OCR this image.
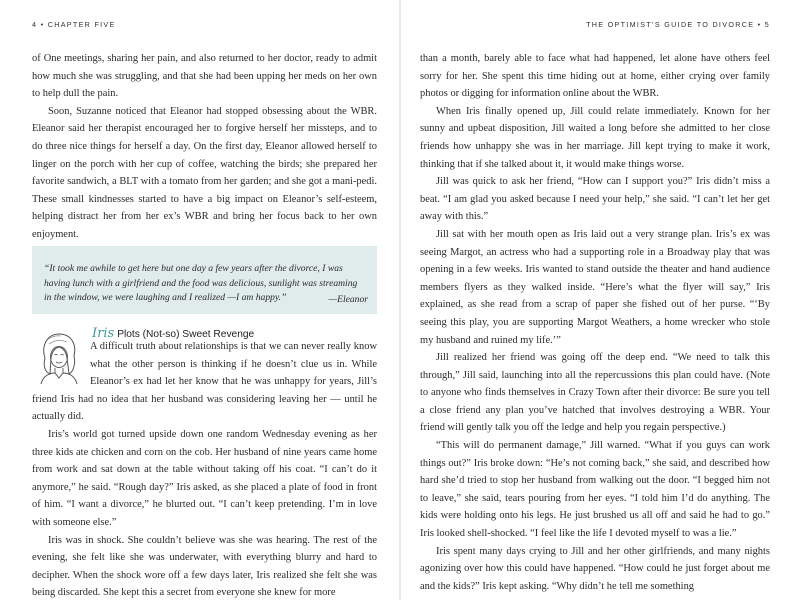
4 • CHAPTER FIVE

of One meetings, sharing her pain, and also returned to her doctor, ready to admit how much she was struggling, and that she had been upping her meds on her own to help dull the pain.

Soon, Suzanne noticed that Eleanor had stopped obsessing about the WBR. Eleanor said her therapist encouraged her to forgive herself her missteps, and to do three nice things for herself a day. On the first day, Eleanor allowed herself to linger on the porch with her cup of coffee, watching the birds; she prepared her favorite sandwich, a BLT with a tomato from her garden; and she got a mani-pedi. These small kindnesses started to have a big impact on Eleanor’s self-esteem, helping distract her from her ex’s WBR and bring her focus back to her own enjoyment.

“It took me awhile to get here but one day a few years after the divorce, I was having lunch with a girlfriend and the food was delicious, sunlight was streaming in the window, we were laughing and I realized —I am happy.”	—Eleanor
Iris Plots (Not-so) Sweet Revenge

A difficult truth about relationships is that we can never really know what the other person is thinking if he doesn’t clue us in. While Eleanor’s ex had let her know that he was unhappy for years, Jill’s friend Iris had no idea that her husband was considering leaving her — until he actually did.

Iris’s world got turned upside down one random Wednesday evening as her three kids ate chicken and corn on the cob. Her husband of nine years came home from work and sat down at the table without taking off his coat. “I can’t do it anymore,” he said. “Rough day?” Iris asked, as she placed a plate of food in front of him. “I want a divorce,” he blurted out. “I can’t keep pretending. I’m in love with someone else.”

Iris was in shock. She couldn’t believe was she was hearing. The rest of the evening, she felt like she was underwater, with everything blurry and hard to decipher. When the shock wore off a few days later, Iris realized she felt she was being discarded. She kept this a secret from everyone she knew for more

THE OPTIMIST’S GUIDE TO DIVORCE • 5

than a month, barely able to face what had happened, let alone have others feel sorry for her. She spent this time hiding out at home, either crying over family photos or digging for information online about the WBR.

When Iris finally opened up, Jill could relate immediately. Known for her sunny and upbeat disposition, Jill waited a long before she admitted to her close friends how unhappy she was in her marriage. Jill kept trying to make it work, thinking that if she talked about it, it would make things worse.

Jill was quick to ask her friend, “How can I support you?” Iris didn’t miss a beat. “I am glad you asked because I need your help,” she said. “I can’t let her get away with this.”

Jill sat with her mouth open as Iris laid out a very strange plan. Iris’s ex was seeing Margot, an actress who had a supporting role in a Broadway play that was opening in a few weeks. Iris wanted to stand outside the theater and hand audience members flyers as they walked inside. “Here’s what the flyer will say,” Iris explained, as she read from a scrap of paper she fished out of her purse. “‘By seeing this play, you are supporting Margot Weathers, a home wrecker who stole my husband and ruined my life.’”

Jill realized her friend was going off the deep end. “We need to talk this through,” Jill said, launching into all the repercussions this plan could have. (Note to anyone who finds themselves in Crazy Town after their divorce: Be sure you tell a close friend any plan you’ve hatched that involves destroying a WBR. Your friend will gently talk you off the ledge and help you regain perspective.)

“This will do permanent damage,” Jill warned. “What if you guys can work things out?” Iris broke down: “He’s not coming back,” she said, and described how hard she’d tried to stop her husband from walking out the door. “I begged him not to leave,” she said, tears pouring from her eyes. “I told him I’d do anything. The kids were holding onto his legs. He just brushed us all off and said he had to go.” Iris looked shell-shocked. “I feel like the life I devoted myself to was a lie.”

Iris spent many days crying to Jill and her other girlfriends, and many nights agonizing over how this could have happened. “How could he just forget about me and the kids?” Iris kept asking. “Why didn’t he tell me something
